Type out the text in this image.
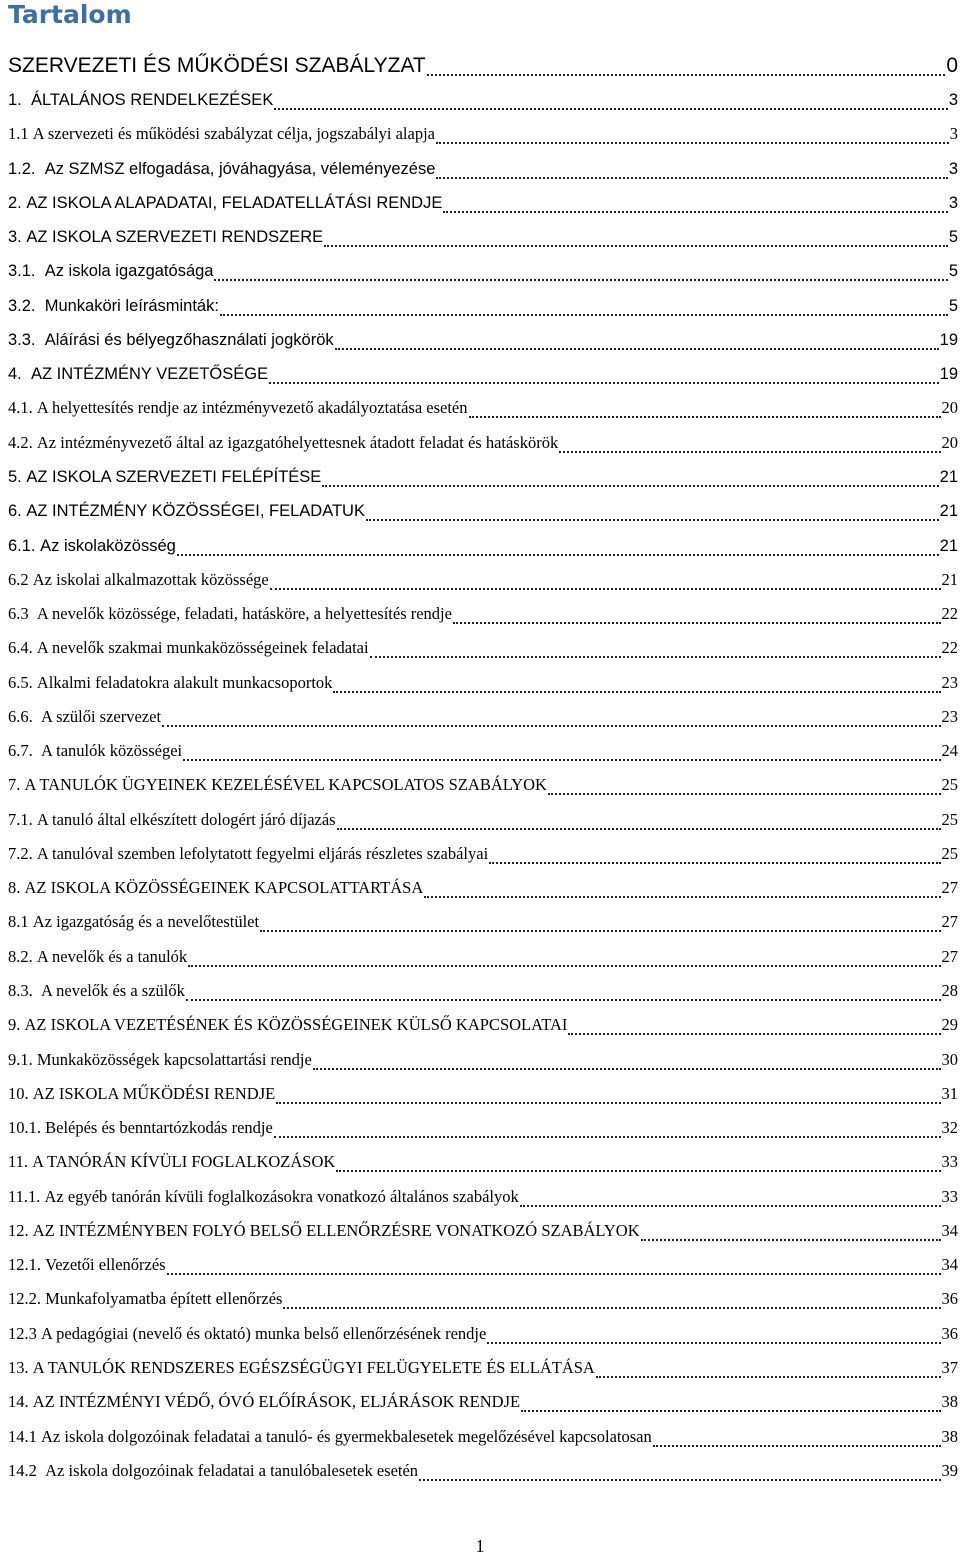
Tartalom
SZERVEZETI ÉS MŰKÖDÉSI SZABÁLYZAT	0
1. ÁLTALÁNOS RENDELKEZÉSEK	3
1.1 A szervezeti és működési szabályzat célja, jogszabályi alapja	3
1.2. Az SZMSZ elfogadása, jóváhagyása, véleményezése	3
2. AZ ISKOLA ALAPADATAI, FELADATELLÁTÁSI RENDJE	3
3. AZ ISKOLA SZERVEZETI RENDSZERE	5
3.1. Az iskola igazgatósága	5
3.2. Munkaköri leírásminták:	5
3.3. Aláírási és bélyegzőhasználati jogkörök	19
4. AZ INTÉZMÉNY VEZETŐSÉGE	19
4.1. A helyettesítés rendje az intézményvezető akadályoztatása esetén	20
4.2. Az intézményvezető által az igazgatóhelyettesnek átadott feladat és hatáskörök	20
5. AZ ISKOLA SZERVEZETI FELÉPÍTÉSE	21
6. AZ INTÉZMÉNY KÖZÖSSÉGEI, FELADATUK	21
6.1. Az iskolaközösség	21
6.2 Az iskolai alkalmazottak közössége	21
6.3 A nevelők közössége, feladati, hatásköre, a helyettesítés rendje	22
6.4. A nevelők szakmai munkaközösségeinek feladatai	22
6.5. Alkalmi feladatokra alakult munkacsoportok	23
6.6. A szülői szervezet	23
6.7. A tanulók közösségei	24
7. A TANULÓK ÜGYEINEK KEZELÉSÉVEL KAPCSOLATOS SZABÁLYOK	25
7.1. A tanuló által elkészített dologért járó díjazás	25
7.2. A tanulóval szemben lefolytatott fegyelmi eljárás részletes szabályai	25
8. AZ ISKOLA KÖZÖSSÉGEINEK KAPCSOLATTARTÁSA	27
8.1 Az igazgatóság és a nevelőtestület	27
8.2. A nevelők és a tanulók	27
8.3. A nevelők és a szülők	28
9. AZ ISKOLA VEZETÉSÉNEK ÉS KÖZÖSSÉGEINEK KÜLSŐ KAPCSOLATAI	29
9.1. Munkaközösségek kapcsolattartási rendje	30
10. AZ ISKOLA MŰKÖDÉSI RENDJE	31
10.1. Belépés és benntartózkodás rendje	32
11. A TANÓRÁN KÍVÜLI FOGLALKOZÁSOK	33
11.1. Az egyéb tanórán kívüli foglalkozásokra vonatkozó általános szabályok	33
12. AZ INTÉZMÉNYBEN FOLYÓ BELSŐ ELLENŐRZÉSRE VONATKOZÓ SZABÁLYOK	34
12.1. Vezetői ellenőrzés	34
12.2. Munkafolyamatba épített ellenőrzés	36
12.3 A pedagógiai (nevelő és oktató) munka belső ellenőrzésének rendje	36
13. A TANULÓK RENDSZERES EGÉSZSÉGÜGYI FELÜGYELETE ÉS ELLÁTÁSA	37
14. AZ INTÉZMÉNYI VÉDŐ, ÓVÓ ELŐÍRÁSOK, ELJÁRÁSOK RENDJE	38
14.1 Az iskola dolgozóinak feladatai a tanuló- és gyermekbalesetek megelőzésével kapcsolatosan	38
14.2 Az iskola dolgozóinak feladatai a tanulóbalesetek esetén	39
1
